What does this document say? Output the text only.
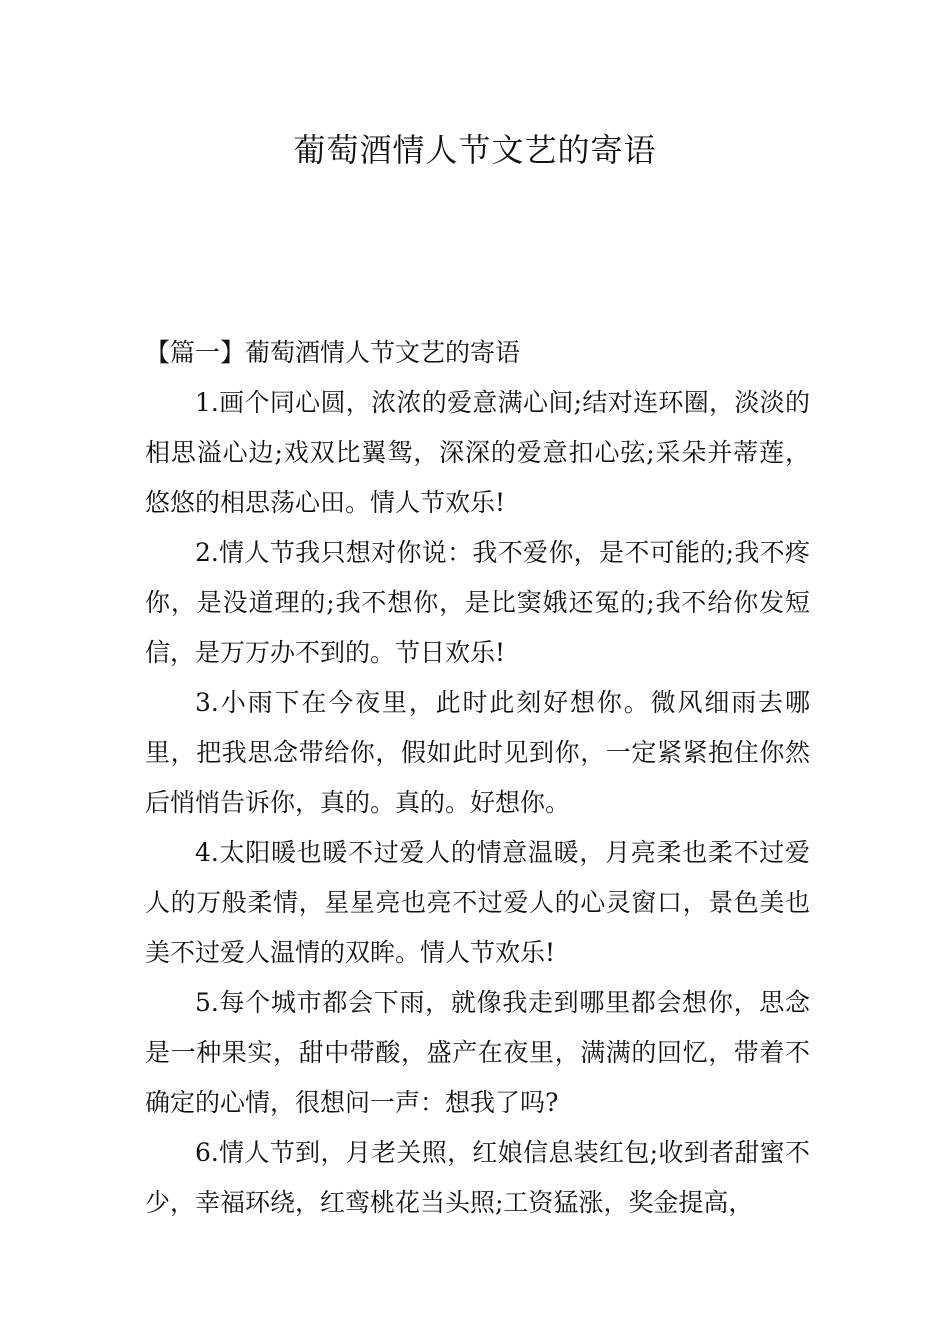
葡萄酒情人节文艺的寄语
【篇一】葡萄酒情人节文艺的寄语

1.画个同心圆，浓浓的爱意满心间;结对连环圈，淡淡的相思溢心边;戏双比翼鸳，深深的爱意扣心弦;采朵并蒂莲，悠悠的相思荡心田。情人节欢乐!

2.情人节我只想对你说：我不爱你，是不可能的;我不疼你，是没道理的;我不想你，是比窦娥还冤的;我不给你发短信，是万万办不到的。节日欢乐!

3.小雨下在今夜里，此时此刻好想你。微风细雨去哪里，把我思念带给你，假如此时见到你，一定紧紧抱住你然后悄悄告诉你，真的。真的。好想你。

4.太阳暖也暖不过爱人的情意温暖，月亮柔也柔不过爱人的万般柔情，星星亮也亮不过爱人的心灵窗口，景色美也美不过爱人温情的双眸。情人节欢乐!

5.每个城市都会下雨，就像我走到哪里都会想你，思念是一种果实，甜中带酸，盛产在夜里，满满的回忆，带着不确定的心情，很想问一声：想我了吗?

6.情人节到，月老关照，红娘信息装红包;收到者甜蜜不少，幸福环绕，红鸾桃花当头照;工资猛涨，奖金提高，
